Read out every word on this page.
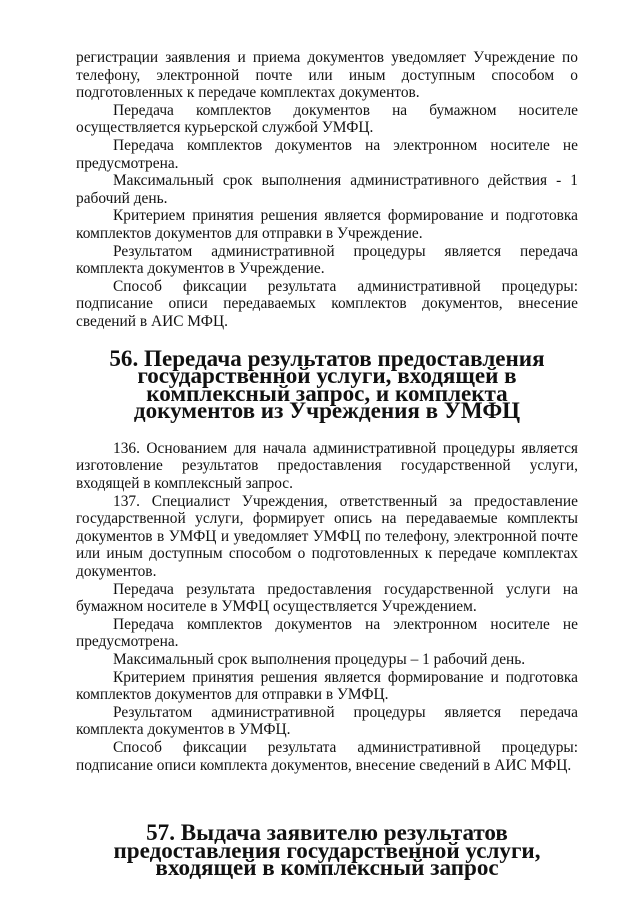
регистрации заявления и приема документов уведомляет Учреждение по телефону, электронной почте или иным доступным способом о подготовленных к передаче комплектах документов.

Передача комплектов документов на бумажном носителе осуществляется курьерской службой УМФЦ.

Передача комплектов документов на электронном носителе не предусмотрена.

Максимальный срок выполнения административного действия - 1 рабочий день.

Критерием принятия решения является формирование и подготовка комплектов документов для отправки в Учреждение.

Результатом административной процедуры является передача комплекта документов в Учреждение.

Способ фиксации результата административной процедуры: подписание описи передаваемых комплектов документов, внесение сведений в АИС МФЦ.

56. Передача результатов предоставления государственной услуги, входящей в комплексный запрос, и комплекта документов из Учреждения в УМФЦ

136. Основанием для начала административной процедуры является изготовление результатов предоставления государственной услуги, входящей в комплексный запрос.

137. Специалист Учреждения, ответственный за предоставление государственной услуги, формирует опись на передаваемые комплекты документов в УМФЦ и уведомляет УМФЦ по телефону, электронной почте или иным доступным способом о подготовленных к передаче комплектах документов.

Передача результата предоставления государственной услуги на бумажном носителе в УМФЦ осуществляется Учреждением.

Передача комплектов документов на электронном носителе не предусмотрена.

Максимальный срок выполнения процедуры – 1 рабочий день.

Критерием принятия решения является формирование и подготовка комплектов документов для отправки в УМФЦ.

Результатом административной процедуры является передача комплекта документов в УМФЦ.

Способ фиксации результата административной процедуры: подписание описи комплекта документов, внесение сведений в АИС МФЦ.

57. Выдача заявителю результатов предоставления государственной услуги, входящей в комплексный запрос
